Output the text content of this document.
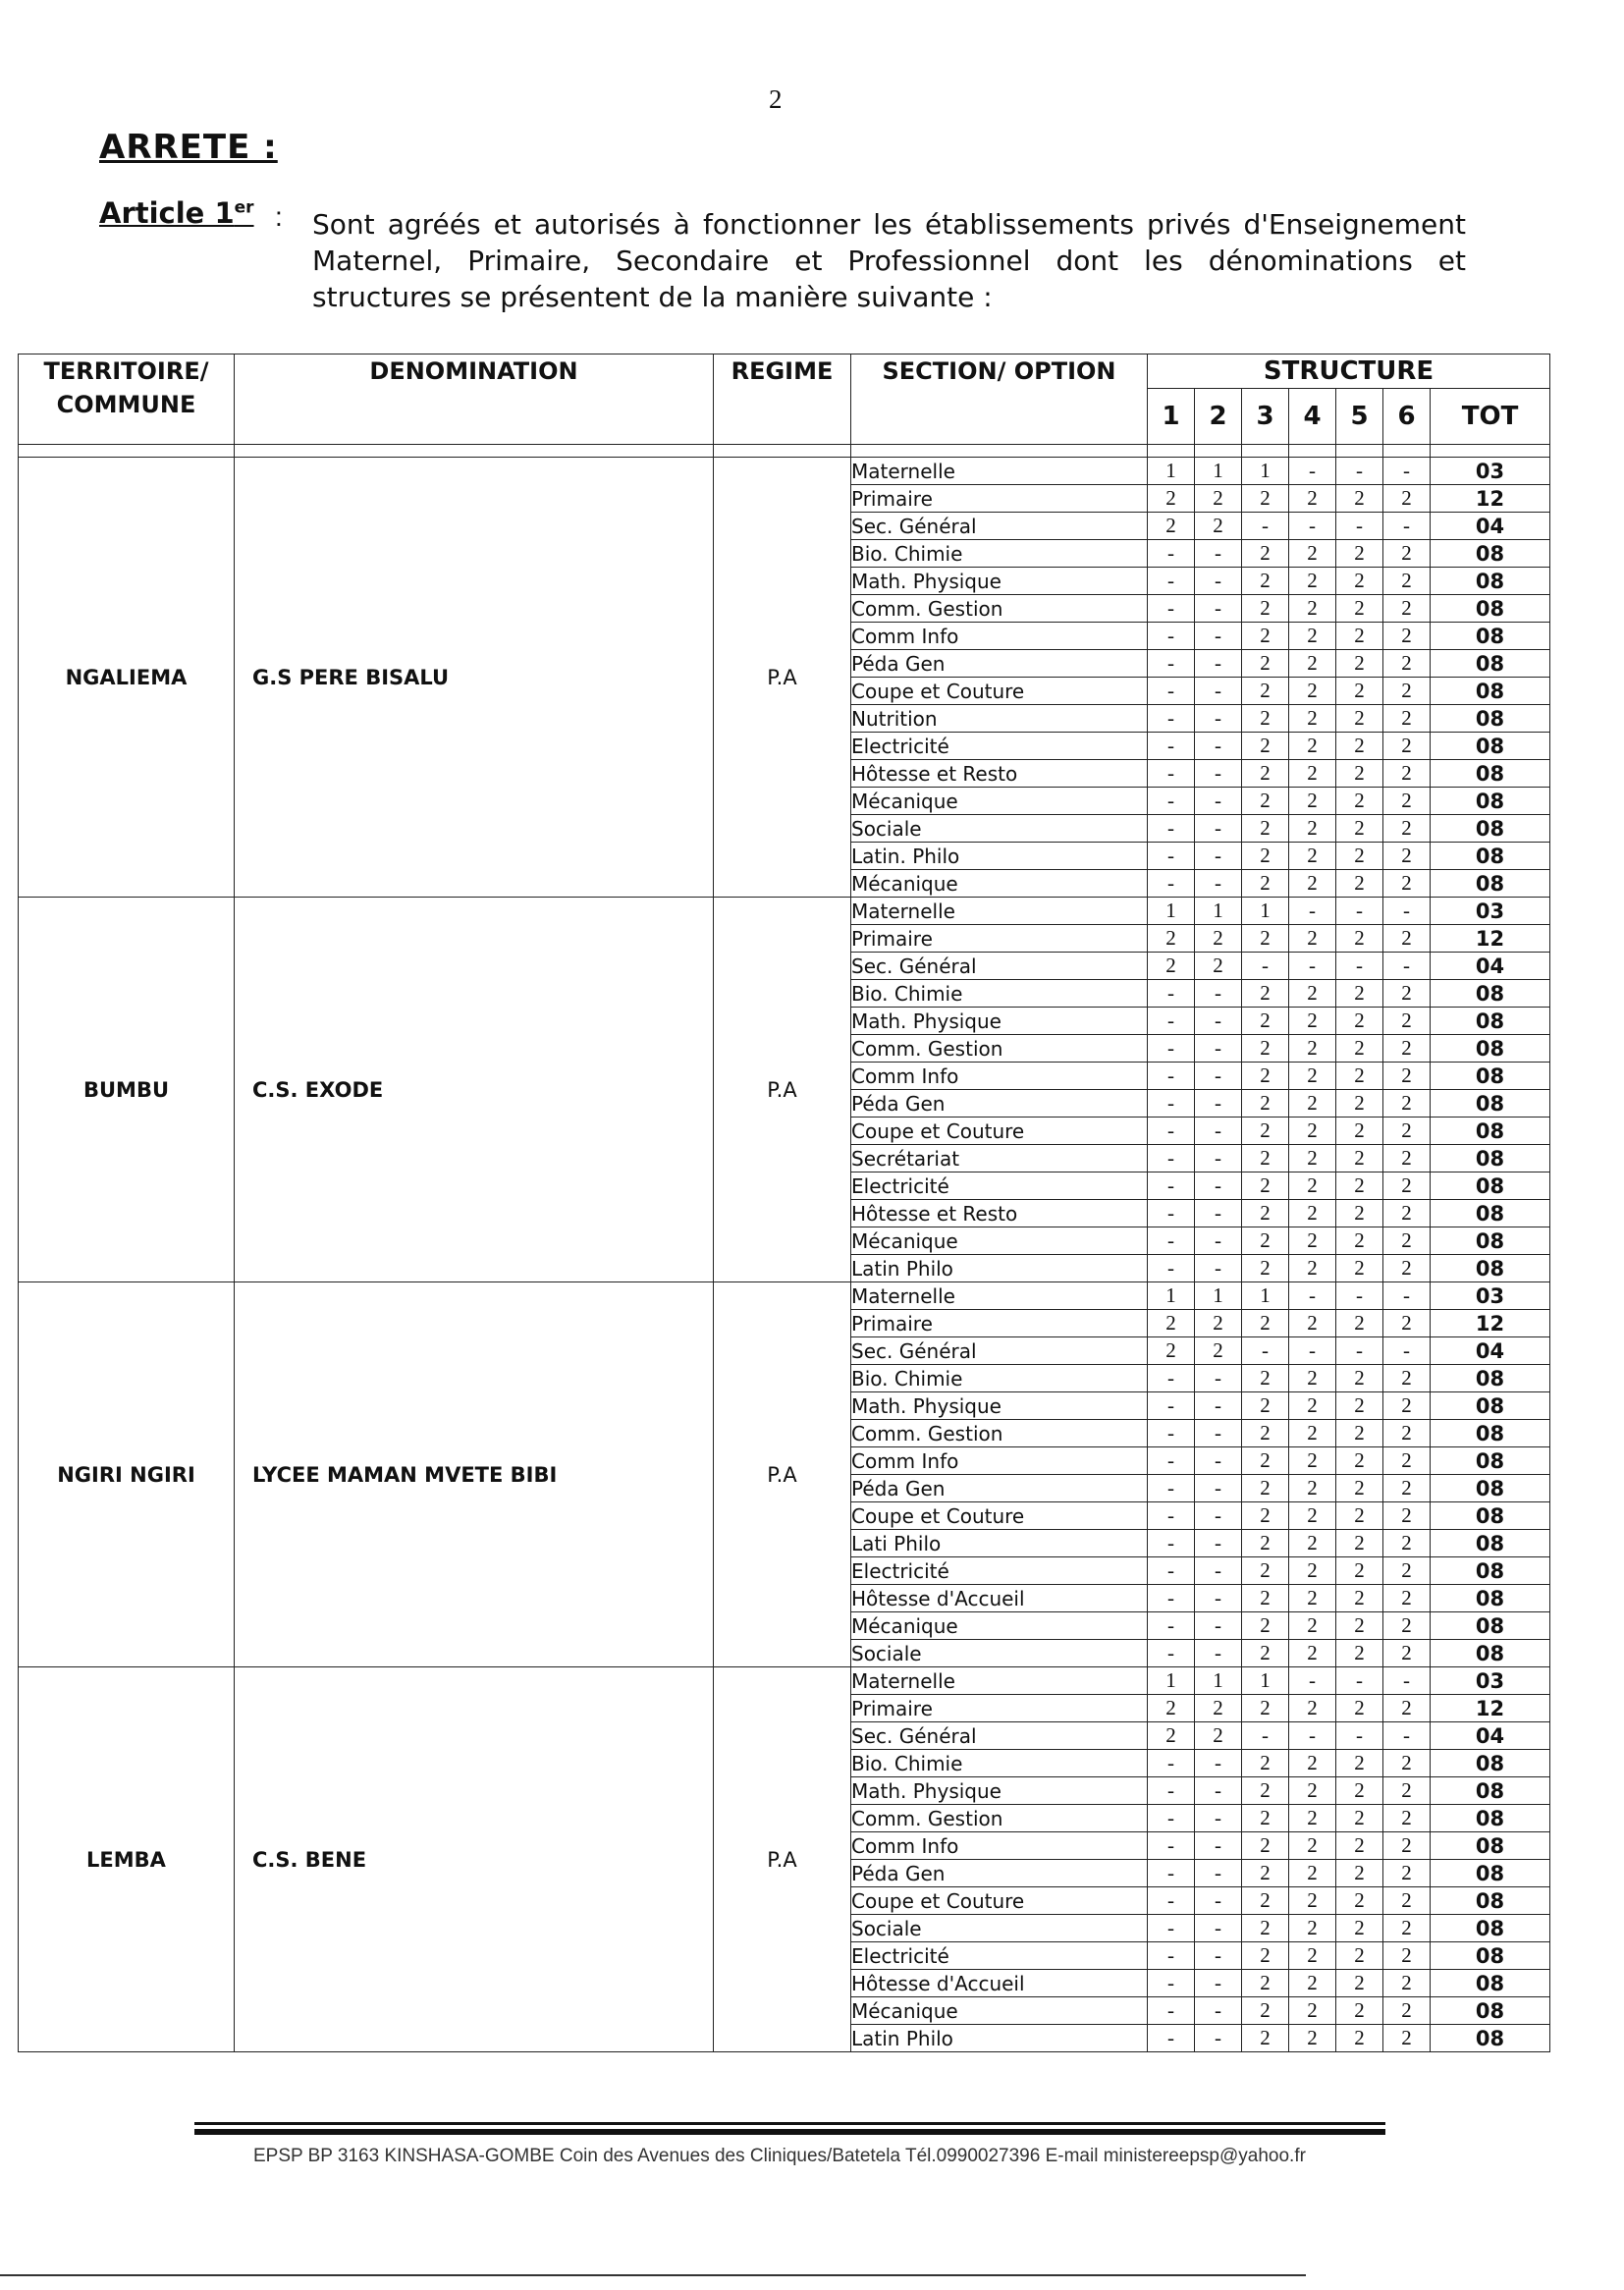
2
ARRETE :
Article 1er : Sont agréés et autorisés à fonctionner les établissements privés d'Enseignement Maternel, Primaire, Secondaire et Professionnel dont les dénominations et structures se présentent de la manière suivante :
TERRITOIRE/ COMMUNE	DENOMINATION	REGIME	SECTION/ OPTION	STRUCTURE						
				1	2	3	4	5	6	TOT

NGALIEMA	G.S PERE BISALU	P.A	Maternelle	1	1	1	-	-	-	03
			Primaire	2	2	2	2	2	2	12
			Sec. Général	2	2	-	-	-	-	04
			Bio. Chimie	-	-	2	2	2	2	08
			Math. Physique	-	-	2	2	2	2	08
			Comm. Gestion	-	-	2	2	2	2	08
			Comm Info	-	-	2	2	2	2	08
			Péda Gen	-	-	2	2	2	2	08
			Coupe et Couture	-	-	2	2	2	2	08
			Nutrition	-	-	2	2	2	2	08
			Electricité	-	-	2	2	2	2	08
			Hôtesse et Resto	-	-	2	2	2	2	08
			Mécanique	-	-	2	2	2	2	08
			Sociale	-	-	2	2	2	2	08
			Latin. Philo	-	-	2	2	2	2	08
			Mécanique	-	-	2	2	2	2	08
BUMBU	C.S. EXODE	P.A	Maternelle	1	1	1	-	-	-	03
			Primaire	2	2	2	2	2	2	12
			Sec. Général	2	2	-	-	-	-	04
			Bio. Chimie	-	-	2	2	2	2	08
			Math. Physique	-	-	2	2	2	2	08
			Comm. Gestion	-	-	2	2	2	2	08
			Comm Info	-	-	2	2	2	2	08
			Péda Gen	-	-	2	2	2	2	08
			Coupe et Couture	-	-	2	2	2	2	08
			Secrétariat	-	-	2	2	2	2	08
			Electricité	-	-	2	2	2	2	08
			Hôtesse et Resto	-	-	2	2	2	2	08
			Mécanique	-	-	2	2	2	2	08
			Latin Philo	-	-	2	2	2	2	08
NGIRI NGIRI	LYCEE MAMAN MVETE BIBI	P.A	Maternelle	1	1	1	-	-	-	03
			Primaire	2	2	2	2	2	2	12
			Sec. Général	2	2	-	-	-	-	04
			Bio. Chimie	-	-	2	2	2	2	08
			Math. Physique	-	-	2	2	2	2	08
			Comm. Gestion	-	-	2	2	2	2	08
			Comm Info	-	-	2	2	2	2	08
			Péda Gen	-	-	2	2	2	2	08
			Coupe et Couture	-	-	2	2	2	2	08
			Lati Philo	-	-	2	2	2	2	08
			Electricité	-	-	2	2	2	2	08
			Hôtesse d'Accueil	-	-	2	2	2	2	08
			Mécanique	-	-	2	2	2	2	08
			Sociale	-	-	2	2	2	2	08
LEMBA	C.S. BENE	P.A	Maternelle	1	1	1	-	-	-	03
			Primaire	2	2	2	2	2	2	12
			Sec. Général	2	2	-	-	-	-	04
			Bio. Chimie	-	-	2	2	2	2	08
			Math. Physique	-	-	2	2	2	2	08
			Comm. Gestion	-	-	2	2	2	2	08
			Comm Info	-	-	2	2	2	2	08
			Péda Gen	-	-	2	2	2	2	08
			Coupe et Couture	-	-	2	2	2	2	08
			Sociale	-	-	2	2	2	2	08
			Electricité	-	-	2	2	2	2	08
			Hôtesse d'Accueil	-	-	2	2	2	2	08
			Mécanique	-	-	2	2	2	2	08
			Latin Philo	-	-	2	2	2	2	08
EPSP BP 3163 KINSHASA-GOMBE Coin des Avenues des Cliniques/Batetela Tél.0990027396 E-mail ministereepsp@yahoo.fr
